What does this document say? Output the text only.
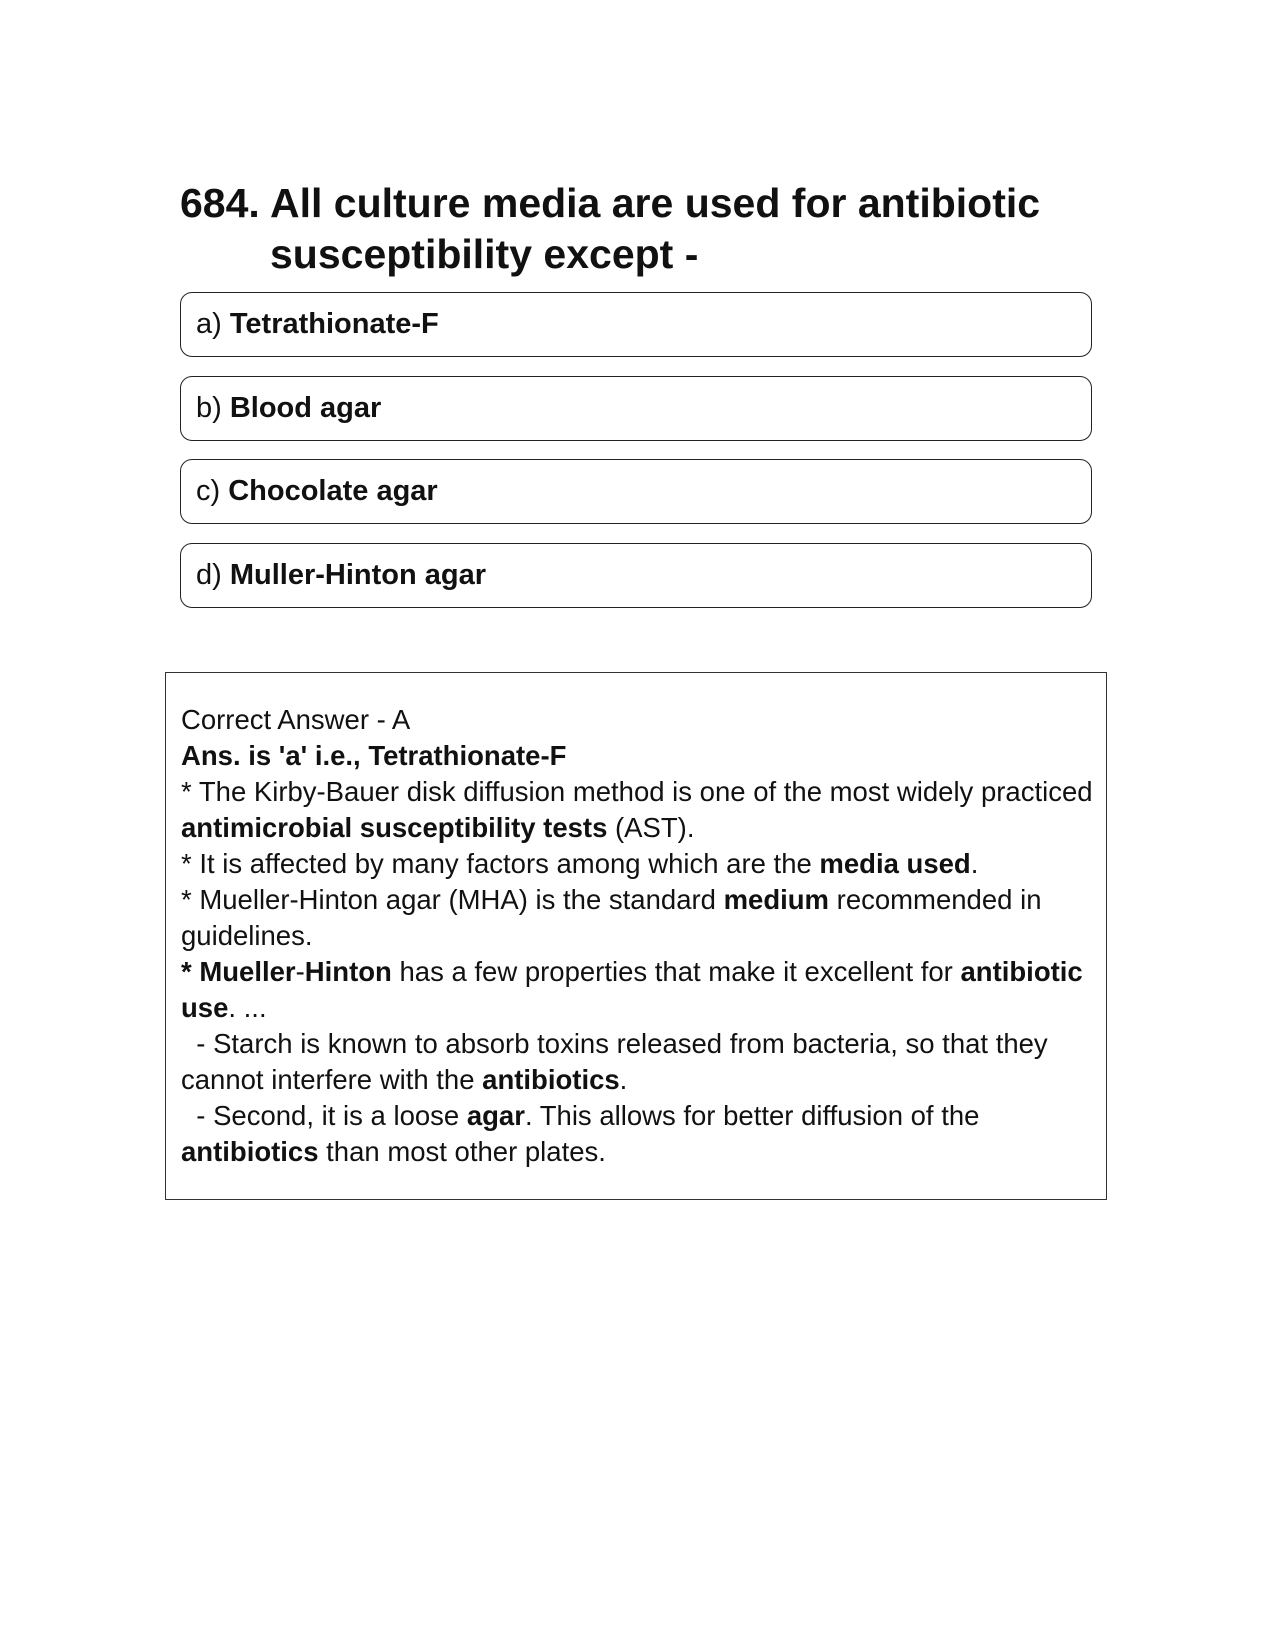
684. All culture media are used for antibiotic susceptibility except -
a) Tetrathionate-F
b) Blood agar
c) Chocolate agar
d) Muller-Hinton agar

Correct Answer - A

Ans. is 'a' i.e., Tetrathionate-F

* The Kirby-Bauer disk diffusion method is one of the most widely practiced antimicrobial susceptibility tests (AST).

* It is affected by many factors among which are the media used.

* Mueller-Hinton agar (MHA) is the standard medium recommended in guidelines.

* Mueller-Hinton has a few properties that make it excellent for antibiotic use. ...

- Starch is known to absorb toxins released from bacteria, so that they cannot interfere with the antibiotics.

- Second, it is a loose agar. This allows for better diffusion of the antibiotics than most other plates.
